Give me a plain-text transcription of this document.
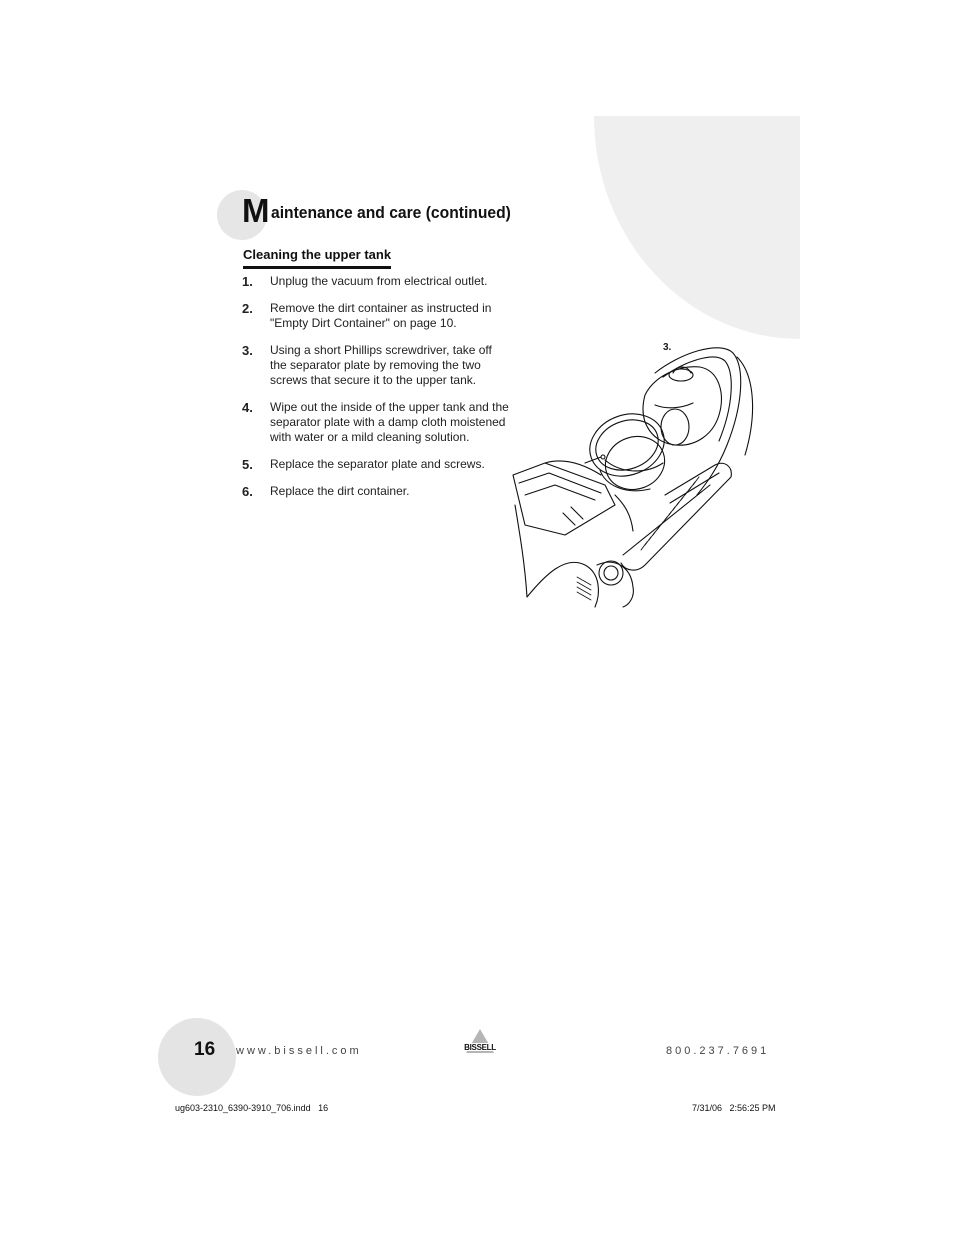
M aintenance and care (continued)
Cleaning the upper tank
1. Unplug the vacuum from electrical outlet.
2. Remove the dirt container as instructed in
"Empty Dirt Container" on page 10.
3. Using a short Phillips screwdriver, take off
the separator plate by removing the two
screws that secure it to the upper tank.
4. Wipe out the inside of the upper tank and the
separator plate with a damp cloth moistened
with water or a mild cleaning solution.
5. Replace the separator plate and screws.
6. Replace the dirt container.
3.
16 www.bissell.com	BISSELL	800.237.7691
ug603-2310_6390-3910_706.indd   16	7/31/06   2:56:25 PM
